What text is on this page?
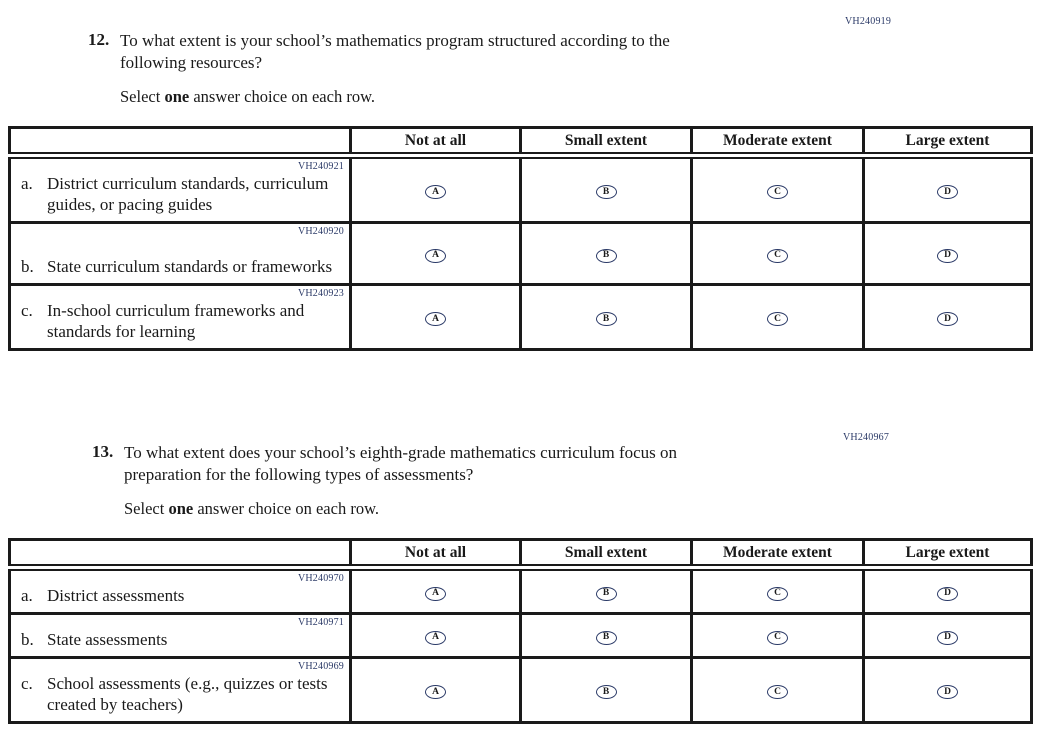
VH240919
12. To what extent is your school’s mathematics program structured according to the
following resources?
Select one answer choice on each row.
	Not at all	Small extent	Moderate extent	Large extent

VH240921
a. District curriculum standards, curriculum guides, or pacing guides	A	B	C	D

VH240920
b. State curriculum standards or frameworks	A	B	C	D

VH240923
c. In-school curriculum frameworks and standards for learning	A	B	C	D
VH240967
13. To what extent does your school’s eighth-grade mathematics curriculum focus on
preparation for the following types of assessments?
Select one answer choice on each row.
	Not at all	Small extent	Moderate extent	Large extent

VH240970
a. District assessments	A	B	C	D

VH240971
b. State assessments	A	B	C	D

VH240969
c. School assessments (e.g., quizzes or tests created by teachers)	A	B	C	D
